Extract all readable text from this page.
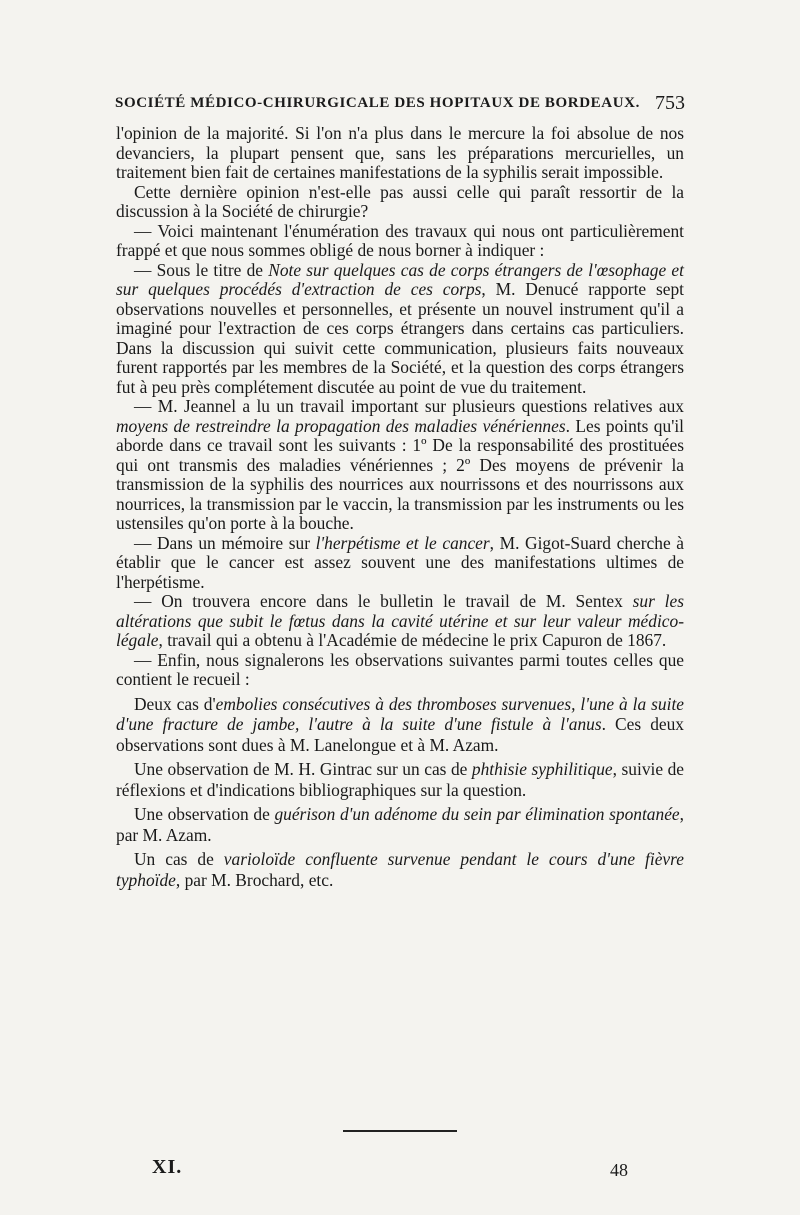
SOCIÉTÉ MÉDICO-CHIRURGICALE DES HOPITAUX DE BORDEAUX. 753

l'opinion de la majorité. Si l'on n'a plus dans le mercure la foi absolue de nos devanciers, la plupart pensent que, sans les préparations mercurielles, un traitement bien fait de certaines manifestations de la syphilis serait impossible.

Cette dernière opinion n'est-elle pas aussi celle qui paraît ressortir de la discussion à la Société de chirurgie?

— Voici maintenant l'énumération des travaux qui nous ont particulièrement frappé et que nous sommes obligé de nous borner à indiquer :

— Sous le titre de Note sur quelques cas de corps étrangers de l'œsophage et sur quelques procédés d'extraction de ces corps, M. Denucé rapporte sept observations nouvelles et personnelles, et présente un nouvel instrument qu'il a imaginé pour l'extraction de ces corps étrangers dans certains cas particuliers. Dans la discussion qui suivit cette communication, plusieurs faits nouveaux furent rapportés par les membres de la Société, et la question des corps étrangers fut à peu près complétement discutée au point de vue du traitement.

— M. Jeannel a lu un travail important sur plusieurs questions relatives aux moyens de restreindre la propagation des maladies vénériennes. Les points qu'il aborde dans ce travail sont les suivants : 1º De la responsabilité des prostituées qui ont transmis des maladies vénériennes ; 2º Des moyens de prévenir la transmission de la syphilis des nourrices aux nourrissons et des nourrissons aux nourrices, la transmission par le vaccin, la transmission par les instruments ou les ustensiles qu'on porte à la bouche.

— Dans un mémoire sur l'herpétisme et le cancer, M. Gigot-Suard cherche à établir que le cancer est assez souvent une des manifestations ultimes de l'herpétisme.

— On trouvera encore dans le bulletin le travail de M. Sentex sur les altérations que subit le fœtus dans la cavité utérine et sur leur valeur médico-légale, travail qui a obtenu à l'Académie de médecine le prix Capuron de 1867.

— Enfin, nous signalerons les observations suivantes parmi toutes celles que contient le recueil :

Deux cas d'embolies consécutives à des thromboses survenues, l'une à la suite d'une fracture de jambe, l'autre à la suite d'une fistule à l'anus. Ces deux observations sont dues à M. Lanelongue et à M. Azam.

Une observation de M. H. Gintrac sur un cas de phthisie syphilitique, suivie de réflexions et d'indications bibliographiques sur la question.

Une observation de guérison d'un adénome du sein par élimination spontanée, par M. Azam.

Un cas de varioloïde confluente survenue pendant le cours d'une fièvre typhoïde, par M. Brochard, etc.

XI.	48
